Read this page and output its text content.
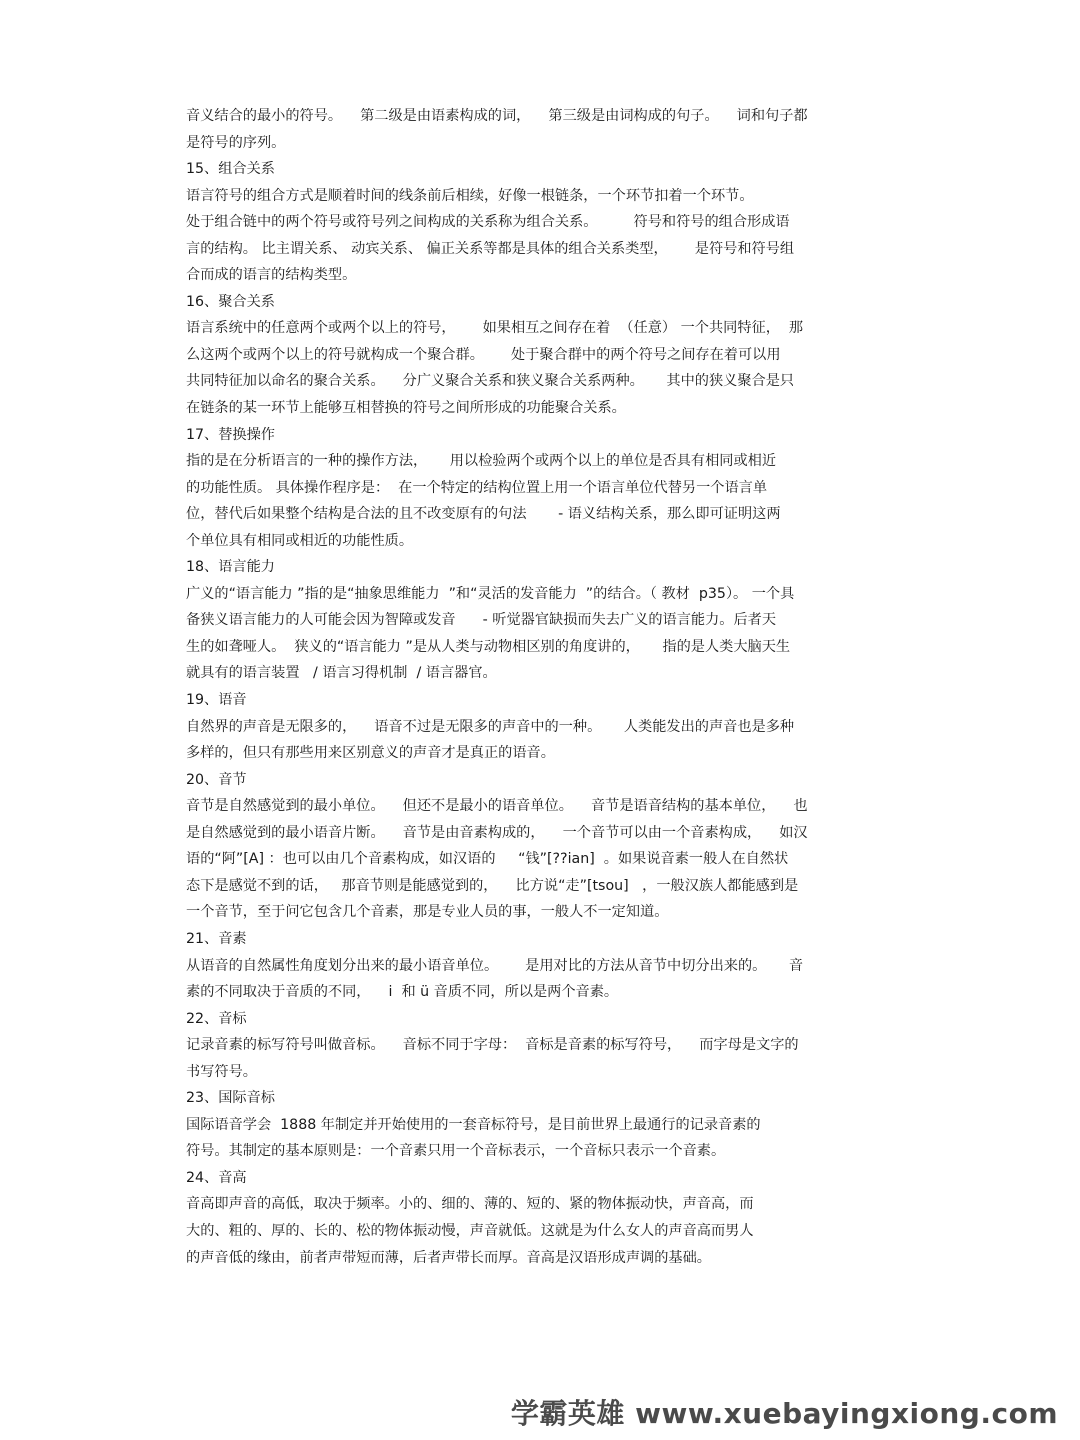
音义结合的最小的符号。    第二级是由语素构成的词，    第三级是由词构成的句子。    词和句子都
是符号的序列。
15、组合关系
语言符号的组合方式是顺着时间的线条前后相续，好像一根链条，一个环节扣着一个环节。
处于组合链中的两个符号或符号列之间构成的关系称为组合关系。        符号和符号的组合形成语
言的结构。 比主谓关系、 动宾关系、 偏正关系等都是具体的组合关系类型，      是符号和符号组
合而成的语言的结构类型。
16、聚合关系
语言系统中的任意两个或两个以上的符号，      如果相互之间存在着  （任意） 一个共同特征，  那
么这两个或两个以上的符号就构成一个聚合群。      处于聚合群中的两个符号之间存在着可以用
共同特征加以命名的聚合关系。    分广义聚合关系和狭义聚合关系两种。     其中的狭义聚合是只
在链条的某一环节上能够互相替换的符号之间所形成的功能聚合关系。
17、替换操作
指的是在分析语言的一种的操作方法，     用以检验两个或两个以上的单位是否具有相同或相近
的功能性质。 具体操作程序是：  在一个特定的结构位置上用一个语言单位代替另一个语言单
位，替代后如果整个结构是合法的且不改变原有的句法       - 语义结构关系，那么即可证明这两
个单位具有相同或相近的功能性质。
18、语言能力
广义的“语言能力 ”指的是“抽象思维能力  ”和“灵活的发音能力  ”的结合。（ 教材  p35）。 一个具
备狭义语言能力的人可能会因为智障或发音      - 听觉器官缺损而失去广义的语言能力。后者天
生的如聋哑人。  狭义的“语言能力 ”是从人类与动物相区别的角度讲的，     指的是人类大脑天生
就具有的语言装置   / 语言习得机制  / 语言器官。
19、语音
自然界的声音是无限多的，    语音不过是无限多的声音中的一种。     人类能发出的声音也是多种
多样的，但只有那些用来区别意义的声音才是真正的语音。
20、音节
音节是自然感觉到的最小单位。    但还不是最小的语音单位。    音节是语音结构的基本单位，    也
是自然感觉到的最小语音片断。    音节是由音素构成的，    一个音节可以由一个音素构成，    如汉
语的“阿”[A] ：也可以由几个音素构成，如汉语的     “钱”[??ian]  。如果说音素一般人在自然状
态下是感觉不到的话，   那音节则是能感觉到的，    比方说“走”[tsou]   ，一般汉族人都能感到是
一个音节，至于问它包含几个音素，那是专业人员的事，一般人不一定知道。
21、音素
从语音的自然属性角度划分出来的最小语音单位。      是用对比的方法从音节中切分出来的。     音
素的不同取决于音质的不同，    i  和 ü 音质不同，所以是两个音素。
22、音标
记录音素的标写符号叫做音标。    音标不同于字母：  音标是音素的标写符号，    而字母是文字的
书写符号。
23、国际音标
国际语音学会  1888 年制定并开始使用的一套音标符号，是目前世界上最通行的记录音素的
符号。其制定的基本原则是：一个音素只用一个音标表示，一个音标只表示一个音素。
24、音高
音高即声音的高低，取决于频率。小的、细的、薄的、短的、紧的物体振动快，声音高，而
大的、粗的、厚的、长的、松的物体振动慢，声音就低。这就是为什么女人的声音高而男人
的声音低的缘由，前者声带短而薄，后者声带长而厚。音高是汉语形成声调的基础。
学霸英雄 www.xuebayingxiong.com
